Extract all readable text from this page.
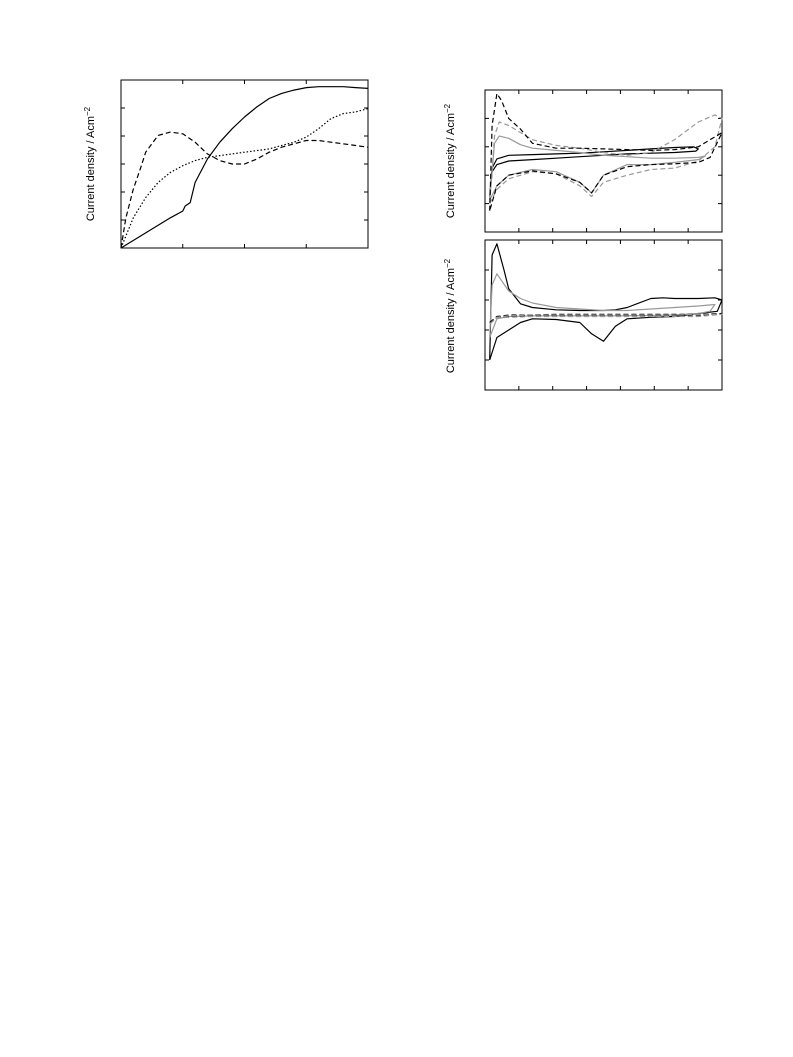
Current density / Acm$^{-2}$
Current density / Acm$^{-2}$
Current density / Acm$^{-2}$
